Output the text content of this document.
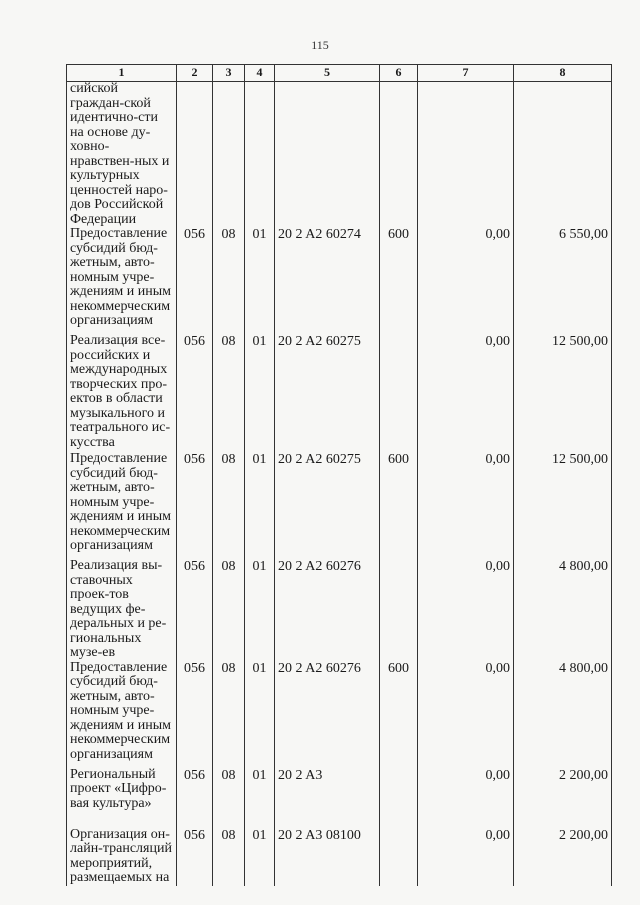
115
1	2	3	4	5	6	7	8
сийской граждан-ской идентично-сти на основе ду-ховно-нравствен-ных и культурных ценностей наро-дов Российской Федерации							
Предоставление субсидий бюд-жетным, авто-номным учре-ждениям и иным некоммерческим организациям	056	08	01	20 2 A2 60274	600	0,00	6 550,00
Реализация все-российских и международных творческих про-ектов в области музыкального и театрального ис-кусства	056	08	01	20 2 A2 60275		0,00	12 500,00
Предоставление субсидий бюд-жетным, авто-номным учре-ждениям и иным некоммерческим организациям	056	08	01	20 2 A2 60275	600	0,00	12 500,00
Реализация вы-ставочных проек-тов ведущих фе-деральных и ре-гиональных музе-ев	056	08	01	20 2 A2 60276		0,00	4 800,00
Предоставление субсидий бюд-жетным, авто-номным учре-ждениям и иным некоммерческим организациям	056	08	01	20 2 A2 60276	600	0,00	4 800,00
Региональный проект «Цифро-вая культура»	056	08	01	20 2 A3		0,00	2 200,00
Организация он-лайн-трансляций мероприятий, размещаемых на	056	08	01	20 2 A3 08100		0,00	2 200,00
